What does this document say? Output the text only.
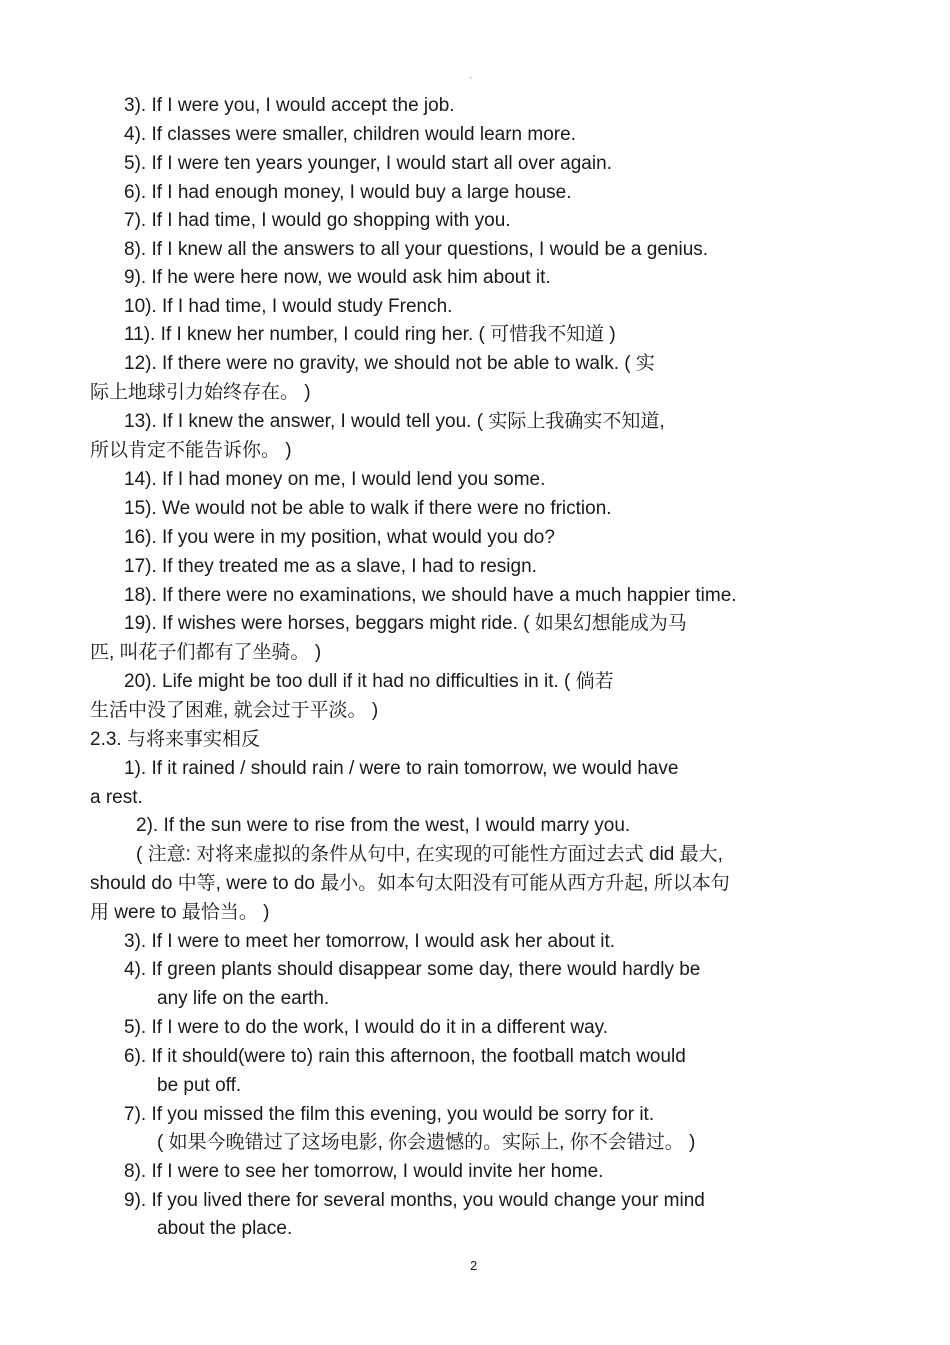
。
3). If I were you, I would accept the job.
4). If classes were smaller, children would learn more.
5). If I were ten years younger, I would start all over again.
6). If I had enough money, I would buy a large house.
7). If I had time, I would go shopping with you.
8). If I knew all the answers to all your questions, I would be a genius.
9). If he were here now, we would ask him about it.
10). If I had time, I would study French.
11). If I knew her number, I could ring her. ( 可惜我不知道 )
12). If there were no gravity, we should not be able to walk. ( 实
际上地球引力始终存在。 )
13). If I knew the answer, I would tell you. ( 实际上我确实不知道,
所以肯定不能告诉你。 )
14). If I had money on me, I would lend you some.
15). We would not be able to walk if there were no friction.
16). If you were in my position, what would you do?
17). If they treated me as a slave, I had to resign.
18). If there were no examinations, we should have a much happier time.
19). If wishes were horses, beggars might ride. ( 如果幻想能成为马
匹, 叫花子们都有了坐骑。 )
20). Life might be too dull if it had no difficulties in it. ( 倘若
生活中没了困难, 就会过于平淡。 )
2.3. 与将来事实相反
1). If it rained / should rain / were to rain tomorrow, we would have
a rest.
2). If the sun were to rise from the west, I would marry you.
( 注意: 对将来虚拟的条件从句中, 在实现的可能性方面过去式 did 最大,
should do 中等, were to do 最小。如本句太阳没有可能从西方升起, 所以本句
用 were to 最恰当。 )
3). If I were to meet her tomorrow, I would ask her about it.
4). If green plants should disappear some day, there would hardly be
any life on the earth.
5). If I were to do the work, I would do it in a different way.
6). If it should(were to) rain this afternoon, the football match would
be put off.
7). If you missed the film this evening, you would be sorry for it.
( 如果今晚错过了这场电影, 你会遗憾的。实际上, 你不会错过。 )
8). If I were to see her tomorrow, I would invite her home.
9). If you lived there for several months, you would change your mind
about the place.
2
